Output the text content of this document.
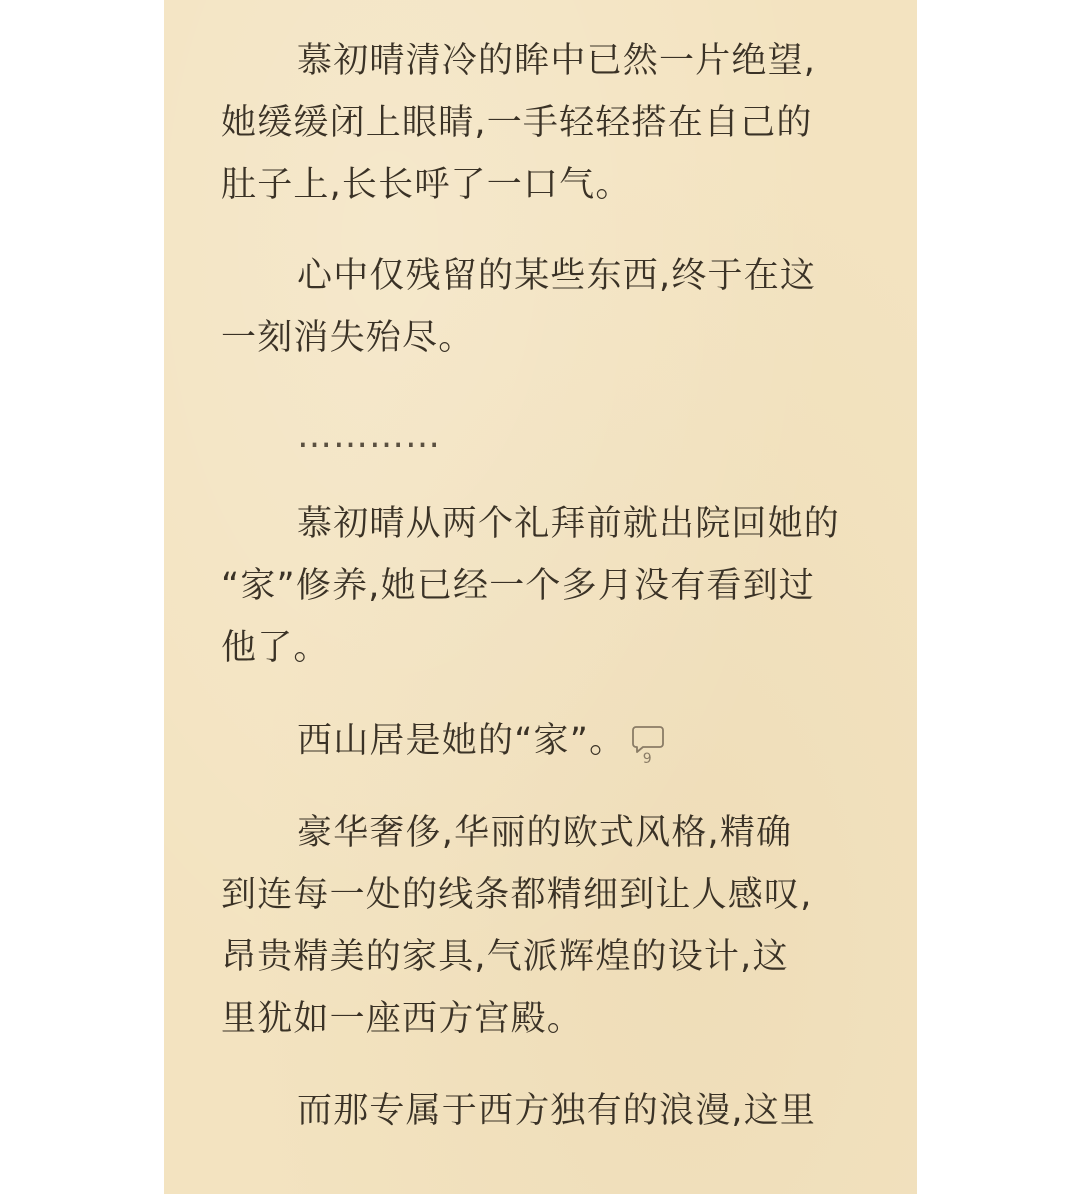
慕初晴清冷的眸中已然一片绝望,
她缓缓闭上眼睛,一手轻轻搭在自己的
肚子上,长长呼了一口气。
心中仅残留的某些东西,终于在这
一刻消失殆尽。
…………
慕初晴从两个礼拜前就出院回她的
“家”修养,她已经一个多月没有看到过
他了。
西山居是她的“家”。	9
豪华奢侈,华丽的欧式风格,精确
到连每一处的线条都精细到让人感叹,
昂贵精美的家具,气派辉煌的设计,这
里犹如一座西方宫殿。
而那专属于西方独有的浪漫,这里
